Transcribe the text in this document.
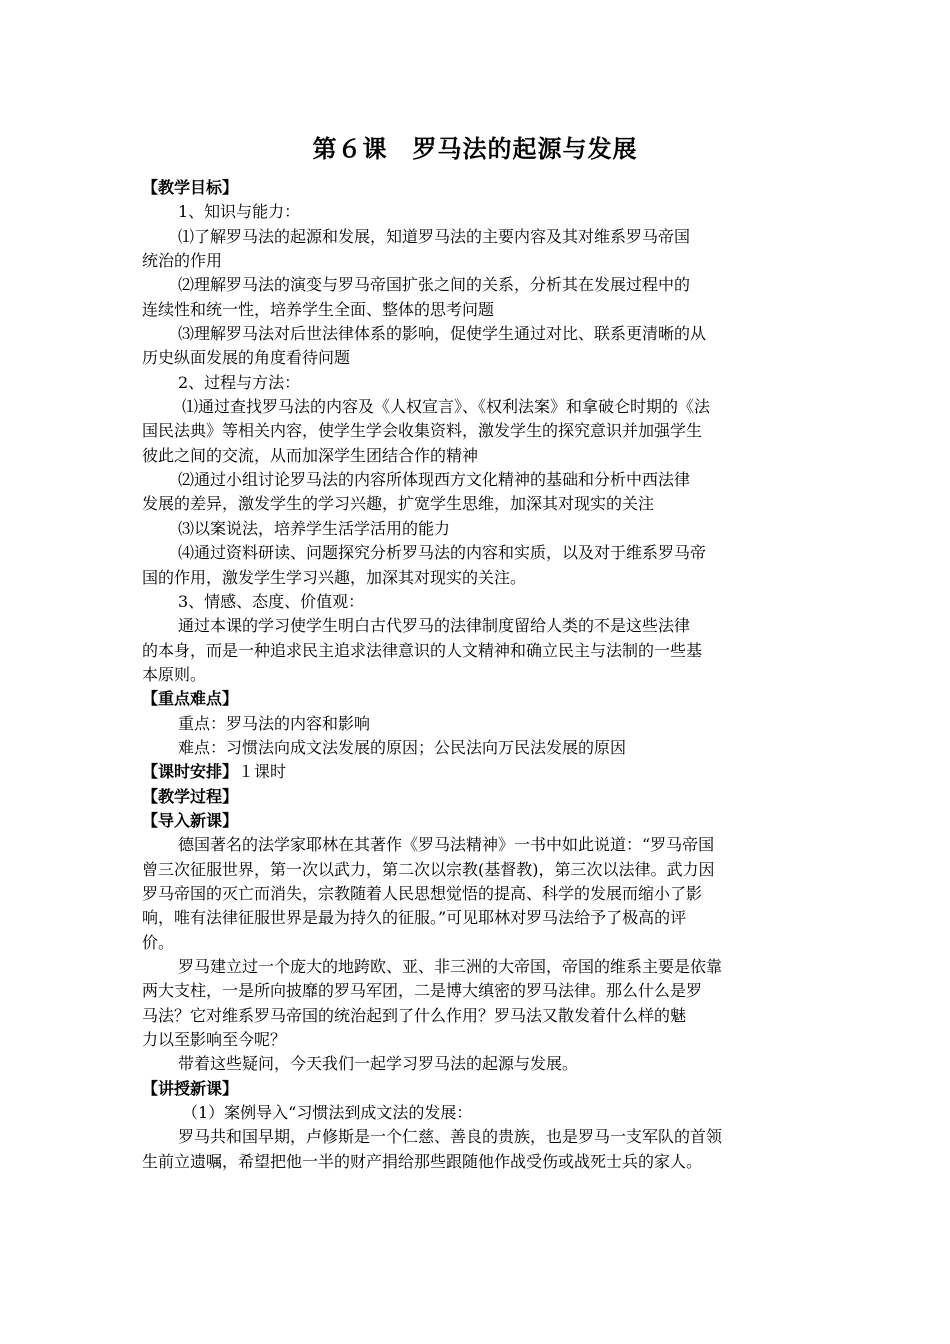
第６课　罗马法的起源与发展
【教学目标】
1、知识与能力：
⑴了解罗马法的起源和发展，知道罗马法的主要内容及其对维系罗马帝国
统治的作用
⑵理解罗马法的演变与罗马帝国扩张之间的关系，分析其在发展过程中的
连续性和统一性，培养学生全面、整体的思考问题
⑶理解罗马法对后世法律体系的影响，促使学生通过对比、联系更清晰的从
历史纵面发展的角度看待问题
2、过程与方法：
⑴通过查找罗马法的内容及《人权宣言》、《权利法案》和拿破仑时期的《法
国民法典》等相关内容，使学生学会收集资料，激发学生的探究意识并加强学生
彼此之间的交流，从而加深学生团结合作的精神
⑵通过小组讨论罗马法的内容所体现西方文化精神的基础和分析中西法律
发展的差异，激发学生的学习兴趣，扩宽学生思维，加深其对现实的关注
⑶以案说法，培养学生活学活用的能力
⑷通过资料研读、问题探究分析罗马法的内容和实质，以及对于维系罗马帝
国的作用，激发学生学习兴趣，加深其对现实的关注。
3、情感、态度、价值观：
通过本课的学习使学生明白古代罗马的法律制度留给人类的不是这些法律
的本身，而是一种追求民主追求法律意识的人文精神和确立民主与法制的一些基
本原则。
【重点难点】
重点：罗马法的内容和影响
难点：习惯法向成文法发展的原因；公民法向万民法发展的原因
【课时安排】１课时
【教学过程】
【导入新课】
德国著名的法学家耶林在其著作《罗马法精神》一书中如此说道：“罗马帝国
曾三次征服世界，第一次以武力，第二次以宗教(基督教)，第三次以法律。武力因
罗马帝国的灭亡而消失，宗教随着人民思想觉悟的提高、科学的发展而缩小了影
响，唯有法律征服世界是最为持久的征服。”可见耶林对罗马法给予了极高的评
价。
罗马建立过一个庞大的地跨欧、亚、非三洲的大帝国，帝国的维系主要是依靠
两大支柱，一是所向披靡的罗马军团，二是博大缜密的罗马法律。那么什么是罗
马法？它对维系罗马帝国的统治起到了什么作用？罗马法又散发着什么样的魅
力以至影响至今呢？
带着这些疑问，今天我们一起学习罗马法的起源与发展。
【讲授新课】
（1）案例导入“习惯法到成文法的发展：
罗马共和国早期，卢修斯是一个仁慈、善良的贵族，也是罗马一支军队的首领
生前立遗嘱，希望把他一半的财产捐给那些跟随他作战受伤或战死士兵的家人。
